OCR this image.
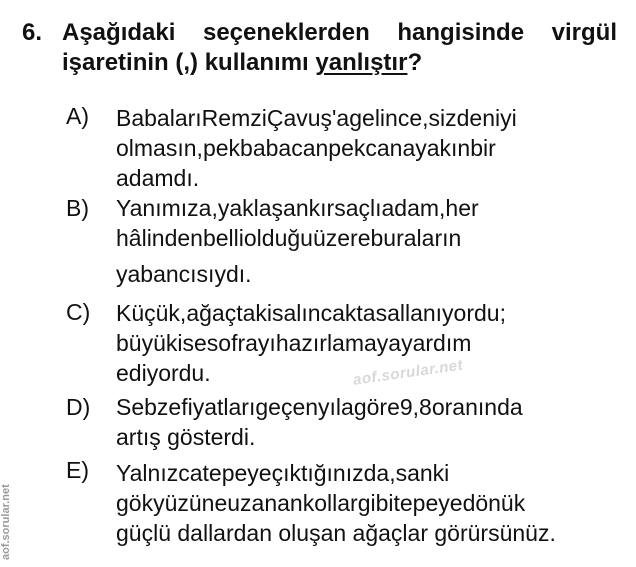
6. Aşağıdaki seçeneklerden hangisinde virgül
işaretinin (,) kullanımı yanlıştır?
A) BabalarıRemziÇavuş'agelince,sizdeniyi
olmasın,pekbabacanpekcanayakınbir
adamdı.
B) Yanımıza,yaklaşankırsaçlıadam,her
hâlindenbelliolduğuüzereburaların
yabancısıydı.
C) Küçük,ağaçtakisalıncaktasallanıyordu;
büyükisesofrayıhazırlamayayardım
ediyordu.
D) Sebzefiyatlarıgeçenyılagöre9,8oranında
artış gösterdi.
E) Yalnızcatepeyeçıktığınızda,sanki
gökyüzüneuzanankollargibitepeyedönük
güçlü dallardan oluşan ağaçlar görürsünüz.
aof.sorular.net
aof.sorular.net
